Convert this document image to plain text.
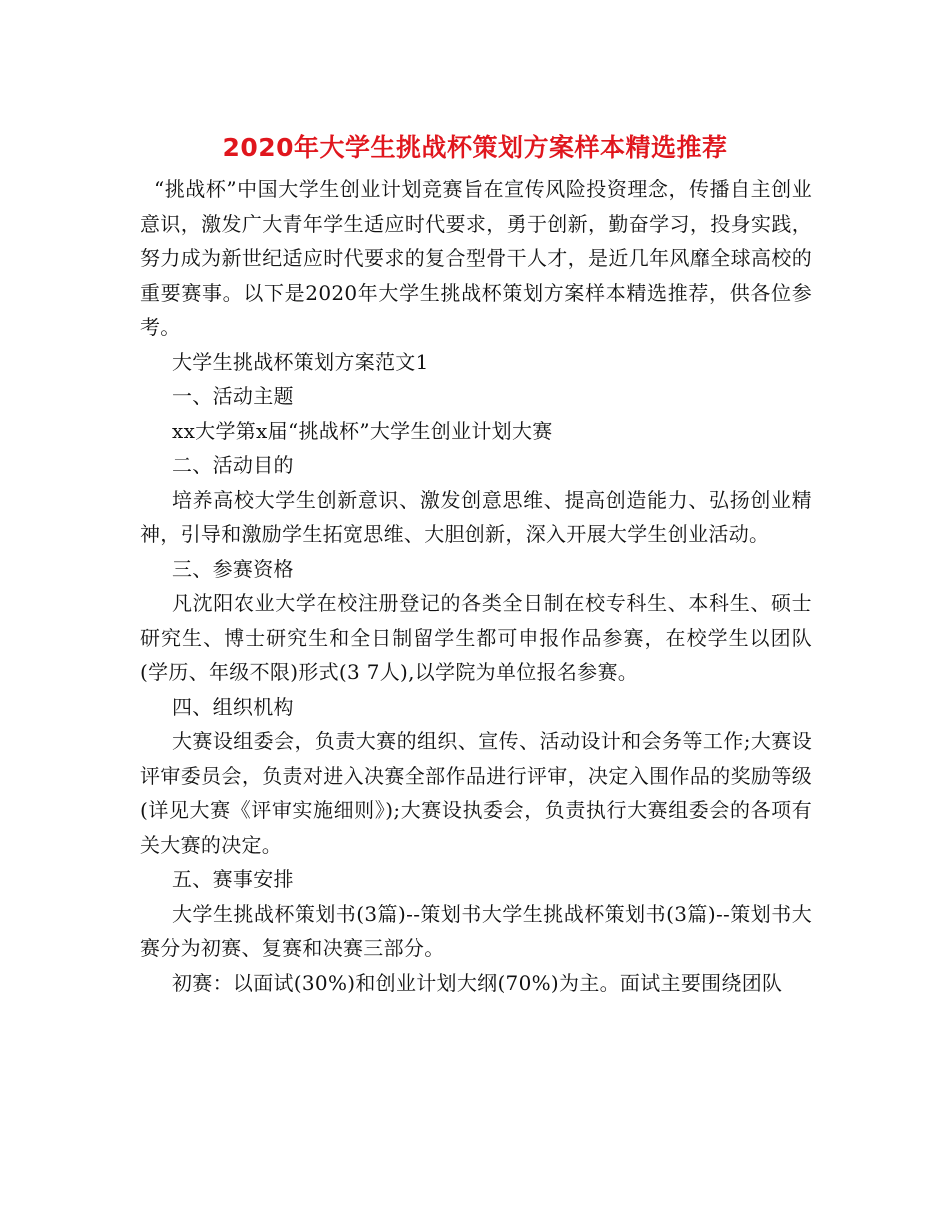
2020年大学生挑战杯策划方案样本精选推荐

“挑战杯”中国大学生创业计划竞赛旨在宣传风险投资理念，传播自主创业意识，激发广大青年学生适应时代要求，勇于创新，勤奋学习，投身实践，努力成为新世纪适应时代要求的复合型骨干人才，是近几年风靡全球高校的重要赛事。以下是2020年大学生挑战杯策划方案样本精选推荐，供各位参考。

大学生挑战杯策划方案范文1

一、活动主题

xx大学第x届“挑战杯”大学生创业计划大赛

二、活动目的

培养高校大学生创新意识、激发创意思维、提高创造能力、弘扬创业精神，引导和激励学生拓宽思维、大胆创新，深入开展大学生创业活动。

三、参赛资格

凡沈阳农业大学在校注册登记的各类全日制在校专科生、本科生、硕士研究生、博士研究生和全日制留学生都可申报作品参赛，在校学生以团队(学历、年级不限)形式(3 7人),以学院为单位报名参赛。

四、组织机构

大赛设组委会，负责大赛的组织、宣传、活动设计和会务等工作;大赛设评审委员会，负责对进入决赛全部作品进行评审，决定入围作品的奖励等级(详见大赛《评审实施细则》);大赛设执委会，负责执行大赛组委会的各项有关大赛的决定。

五、赛事安排

大学生挑战杯策划书(3篇)--策划书大学生挑战杯策划书(3篇)--策划书大赛分为初赛、复赛和决赛三部分。

初赛：以面试(30%)和创业计划大纲(70%)为主。面试主要围绕团队
